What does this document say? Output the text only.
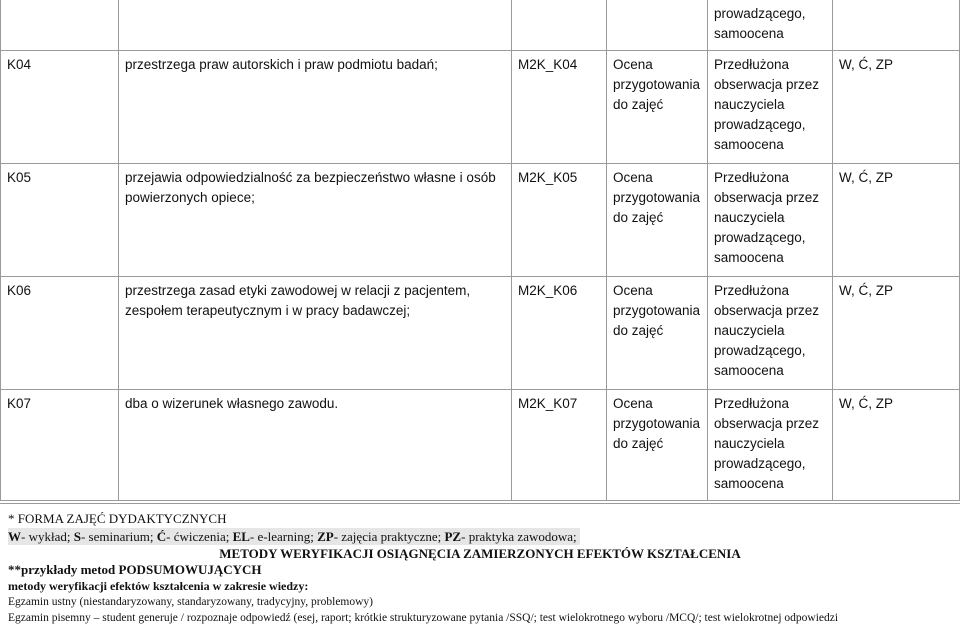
				prowadzącego,
samoocena	
K04	przestrzega praw autorskich i praw podmiotu badań;	M2K_K04	Ocena
przygotowania
do zajęć	Przedłużona
obserwacja przez
nauczyciela
prowadzącego,
samoocena	W, Ć, ZP
K05	przejawia odpowiedzialność za bezpieczeństwo własne i osób
powierzonych opiece;	M2K_K05	Ocena
przygotowania
do zajęć	Przedłużona
obserwacja przez
nauczyciela
prowadzącego,
samoocena	W, Ć, ZP
K06	przestrzega zasad etyki zawodowej w relacji z pacjentem,
zespołem terapeutycznym i w pracy badawczej;	M2K_K06	Ocena
przygotowania
do zajęć	Przedłużona
obserwacja przez
nauczyciela
prowadzącego,
samoocena	W, Ć, ZP
K07	dba o wizerunek własnego zawodu.	M2K_K07	Ocena
przygotowania
do zajęć	Przedłużona
obserwacja przez
nauczyciela
prowadzącego,
samoocena	W, Ć, ZP

* FORMA ZAJĘĆ DYDAKTYCZNYCH

W- wykład; S- seminarium; Ć- ćwiczenia; EL- e-learning; ZP- zajęcia praktyczne; PZ- praktyka zawodowa;

METODY WERYFIKACJI OSIĄGNĘCIA ZAMIERZONYCH EFEKTÓW KSZTAŁCENIA

**przykłady metod PODSUMOWUJĄCYCH

metody weryfikacji efektów kształcenia w zakresie wiedzy:

Egzamin ustny (niestandaryzowany, standaryzowany, tradycyjny, problemowy)

Egzamin pisemny – student generuje / rozpoznaje odpowiedź (esej, raport; krótkie strukturyzowane pytania /SSQ/; test wielokrotnego wyboru /MCQ/; test wielokrotnej odpowiedzi
